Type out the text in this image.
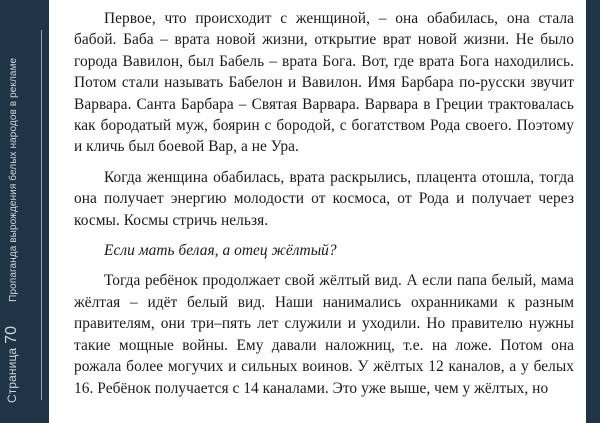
Страница70Пропаганда вырождения белых народов в рекламе

Первое, что происходит с женщиной, – она обабилась, она стала бабой. Баба – врата новой жизни, открытие врат новой жизни. Не было города Вавилон, был Бабель – врата Бога. Вот, где врата Бога находились. Потом стали называть Бабелон и Вавилон. Имя Барбара по-русски звучит Варвара. Санта Барбара – Святая Варвара. Варвара в Греции трактовалась как бородатый муж, боярин с бородой, с богатством Рода своего. Поэтому и кличь был боевой Вар, а не Ура.

Когда женщина обабилась, врата раскрылись, плацента отошла, тогда она получает энергию молодости от космоса, от Рода и получает через космы. Космы стричь нельзя.

Если мать белая, а отец жёлтый?

Тогда ребёнок продолжает свой жёлтый вид. А если папа белый, мама жёлтая – идёт белый вид. Наши нанимались охранниками к разным правителям, они три–пять лет служили и уходили. Но правителю нужны такие мощные войны. Ему давали наложниц, т.е. на ложе. Потом она рожала более могучих и сильных воинов. У жёлтых 12 каналов, а у белых 16. Ребёнок получается с 14 каналами. Это уже выше, чем у жёлтых, но
